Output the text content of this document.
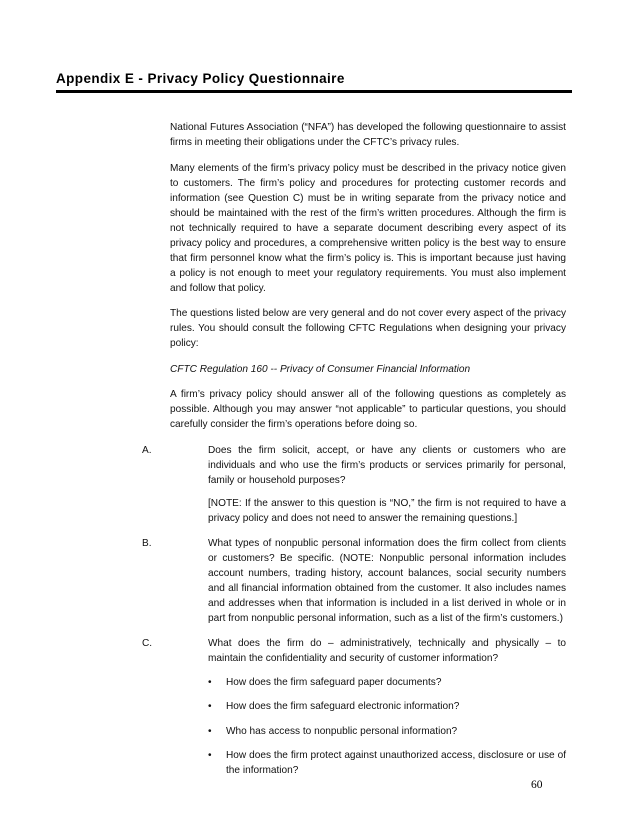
Appendix E - Privacy Policy Questionnaire

National Futures Association (“NFA”) has developed the following questionnaire to assist firms in meeting their obligations under the CFTC’s privacy rules.

Many elements of the firm’s privacy policy must be described in the privacy notice given to customers. The firm’s policy and procedures for protecting customer records and information (see Question C) must be in writing separate from the privacy notice and should be maintained with the rest of the firm’s written procedures. Although the firm is not technically required to have a separate document describing every aspect of its privacy policy and procedures, a comprehensive written policy is the best way to ensure that firm personnel know what the firm’s policy is. This is important because just having a policy is not enough to meet your regulatory requirements. You must also implement and follow that policy.

The questions listed below are very general and do not cover every aspect of the privacy rules. You should consult the following CFTC Regulations when designing your privacy policy:

CFTC Regulation 160 -- Privacy of Consumer Financial Information

A firm’s privacy policy should answer all of the following questions as completely as possible. Although you may answer “not applicable” to particular questions, you should carefully consider the firm’s operations before doing so.

A.	Does the firm solicit, accept, or have any clients or customers who are individuals and who use the firm’s products or services primarily for personal, family or household purposes?

[NOTE: If the answer to this question is “NO,” the firm is not required to have a privacy policy and does not need to answer the remaining questions.]

B.	What types of nonpublic personal information does the firm collect from clients or customers? Be specific. (NOTE: Nonpublic personal information includes account numbers, trading history, account balances, social security numbers and all financial information obtained from the customer. It also includes names and addresses when that information is included in a list derived in whole or in part from nonpublic personal information, such as a list of the firm’s customers.)

C.	What does the firm do – administratively, technically and physically – to maintain the confidentiality and security of customer information?

• How does the firm safeguard paper documents?
• How does the firm safeguard electronic information?
• Who has access to nonpublic personal information?
• How does the firm protect against unauthorized access, disclosure or use of the information?
60
